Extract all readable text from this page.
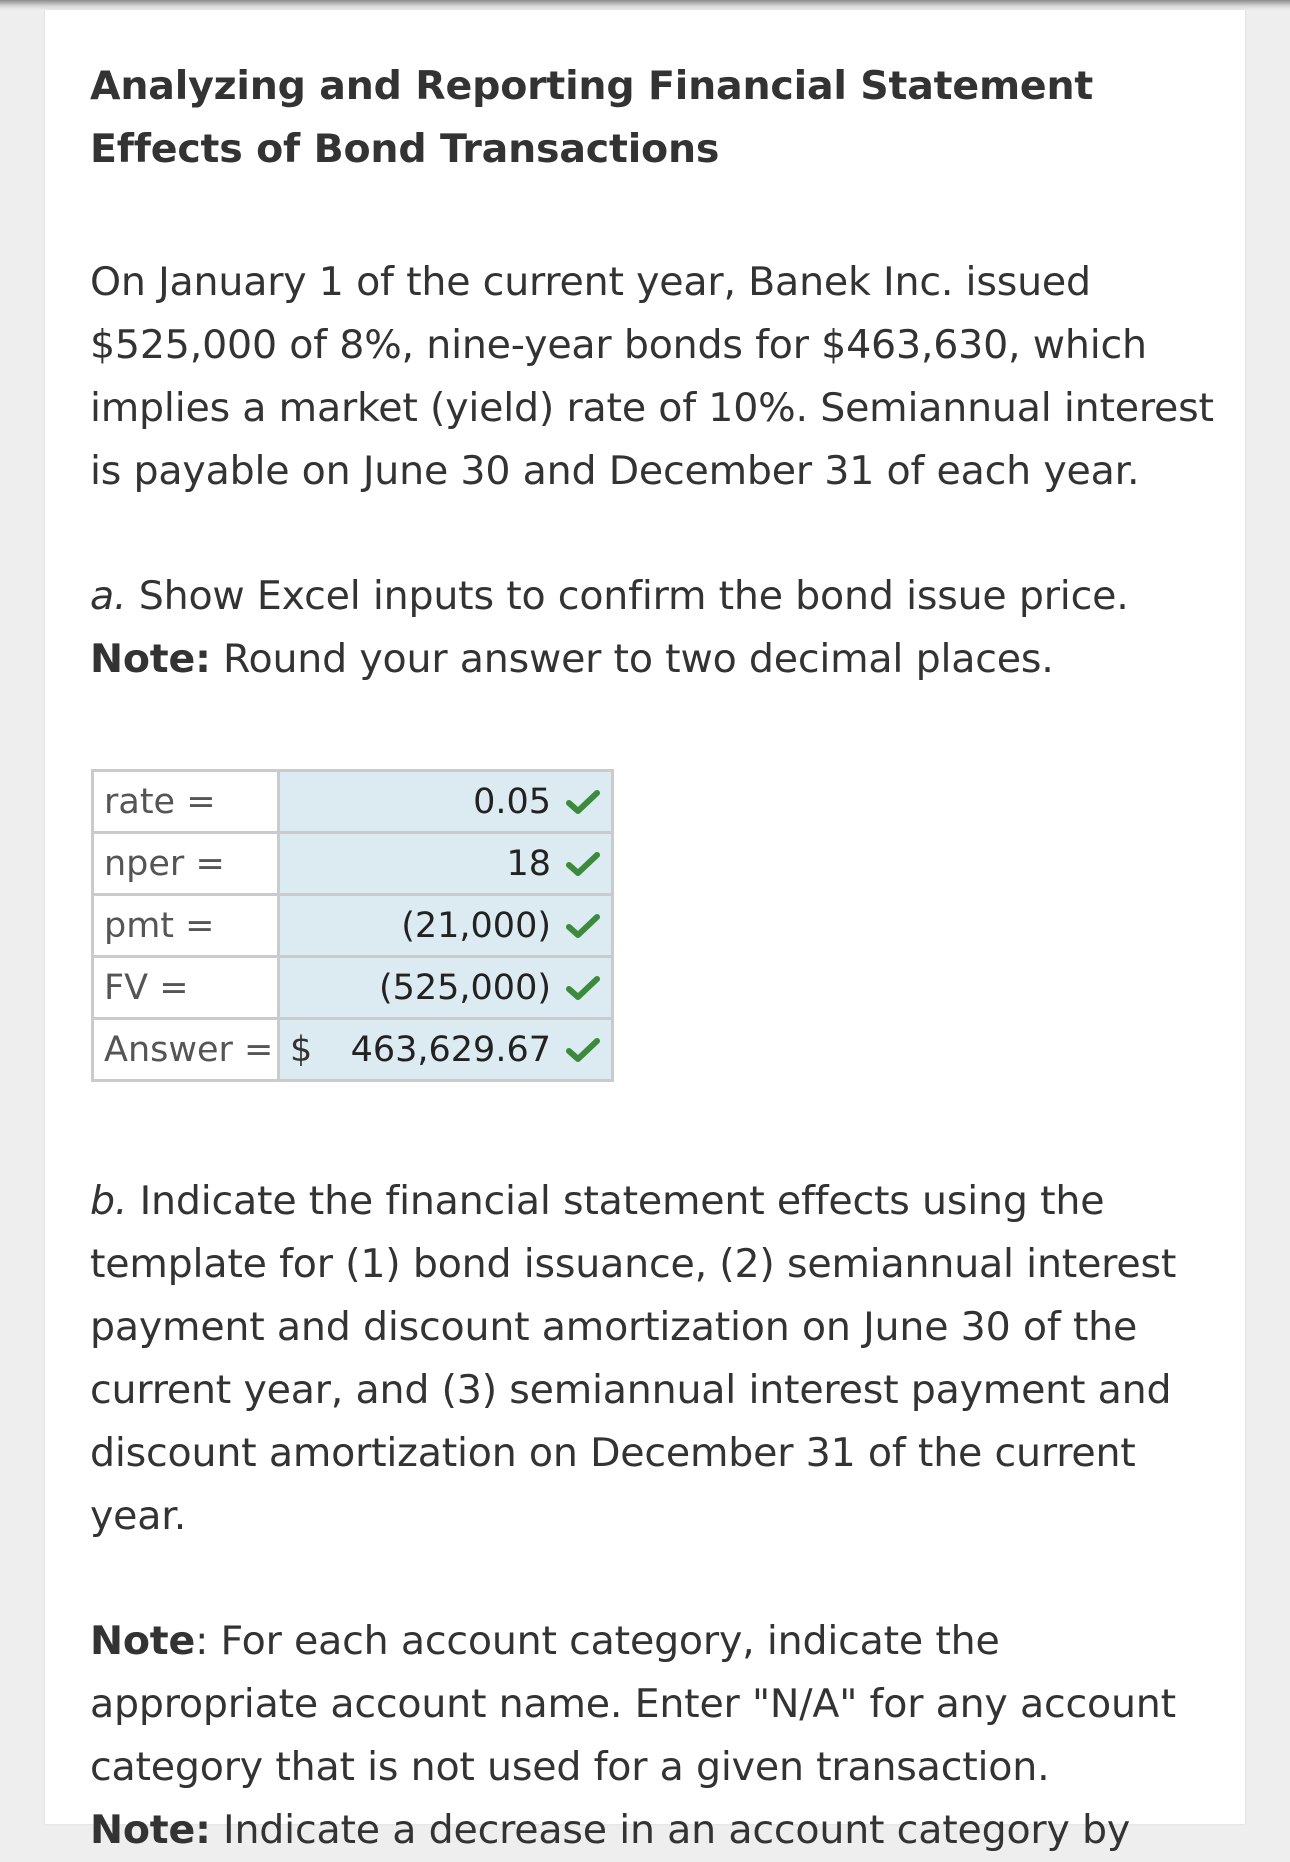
Analyzing and Reporting Financial Statement Effects of Bond Transactions

On January 1 of the current year, Banek Inc. issued $525,000 of 8%, nine-year bonds for $463,630, which implies a market (yield) rate of 10%. Semiannual interest is payable on June 30 and December 31 of each year.

a. Show Excel inputs to confirm the bond issue price.
Note: Round your answer to two decimal places.

rate =	0.05

nper =	18

pmt =	(21,000)

FV =	(525,000)

Answer =	$ 463,629.67

b. Indicate the financial statement effects using the template for (1) bond issuance, (2) semiannual interest payment and discount amortization on June 30 of the current year, and (3) semiannual interest payment and discount amortization on December 31 of the current year.

Note: For each account category, indicate the appropriate account name. Enter "N/A" for any account category that is not used for a given transaction.
Note: Indicate a decrease in an account category by
